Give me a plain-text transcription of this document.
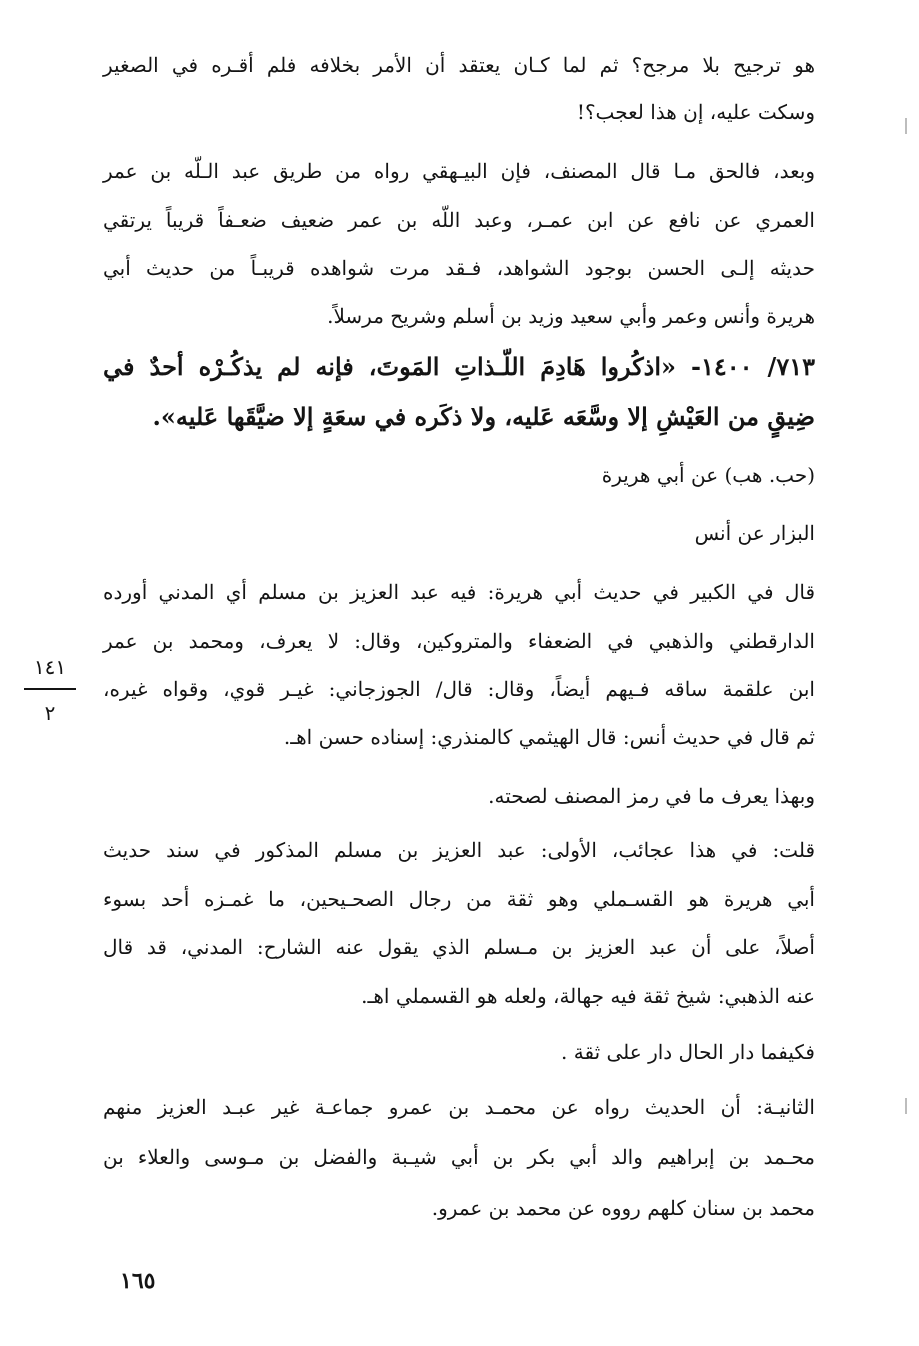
هو ترجيح بلا مرجح؟ ثم لما كـان يعتقد أن الأمر بخلافه فلم أقـره في الصغير
وسكت عليه، إن هذا لعجب؟!
وبعد، فالحق مـا قال المصنف، فإن البيـهقي رواه من طريق عبد الـلّه بن عمر
العمري عن نافع عن ابن عمـر، وعبد اللّه بن عمر ضعيف ضعـفاً قريباً يرتقي
حديثه إلـى الحسن بوجود الشواهد، فـقد مرت شواهده قريبـاً من حديث أبي
هريرة وأنس وعمر وأبي سعيد وزيد بن أسلم وشريح مرسلاً.
٧١٣/ ١٤٠٠- «اذكُروا هَادِمَ اللّـذاتِ المَوتَ، فإنه لم يذكُـرْه أحدٌ في
ضِيقٍ من العَيْشِ إلا وسَّعَه عَليه، ولا ذكَره في سعَةٍ إلا ضيَّقَها عَليه».
(حب. هب) عن أبي هريرة
البزار عن أنس
قال في الكبير في حديث أبي هريرة: فيه عبد العزيز بن مسلم أي المدني أورده
الدارقطني والذهبي في الضعفاء والمتروكين، وقال: لا يعرف، ومحمد بن عمر
ابن علقمة ساقه فـيهم أيضاً، وقال: قال/ الجوزجاني: غيـر قوي، وقواه غيره،
ثم قال في حديث أنس: قال الهيثمي كالمنذري: إسناده حسن اهـ.
وبهذا يعرف ما في رمز المصنف لصحته.
قلت: في هذا عجائب، الأولى: عبد العزيز بن مسلم المذكور في سند حديث
أبي هريرة هو القسـملي وهو ثقة من رجال الصحـيحين، ما غمـزه أحد بسوء
أصلاً، على أن عبد العزيز بن مـسلم الذي يقول عنه الشارح: المدني، قد قال
عنه الذهبي: شيخ ثقة فيه جهالة، ولعله هو القسملي اهـ.
فكيفما دار الحال دار على ثقة .
الثانيـة: أن الحديث رواه عن محمـد بن عمرو جماعـة غير عبـد العزيز منهم
محـمد بن إبراهيم والد أبي بكر بن أبي شيـبة والفضل بن مـوسى والعلاء بن
محمد بن سنان كلهم رووه عن محمد بن عمرو.
١٤١
٢
١٦٥
